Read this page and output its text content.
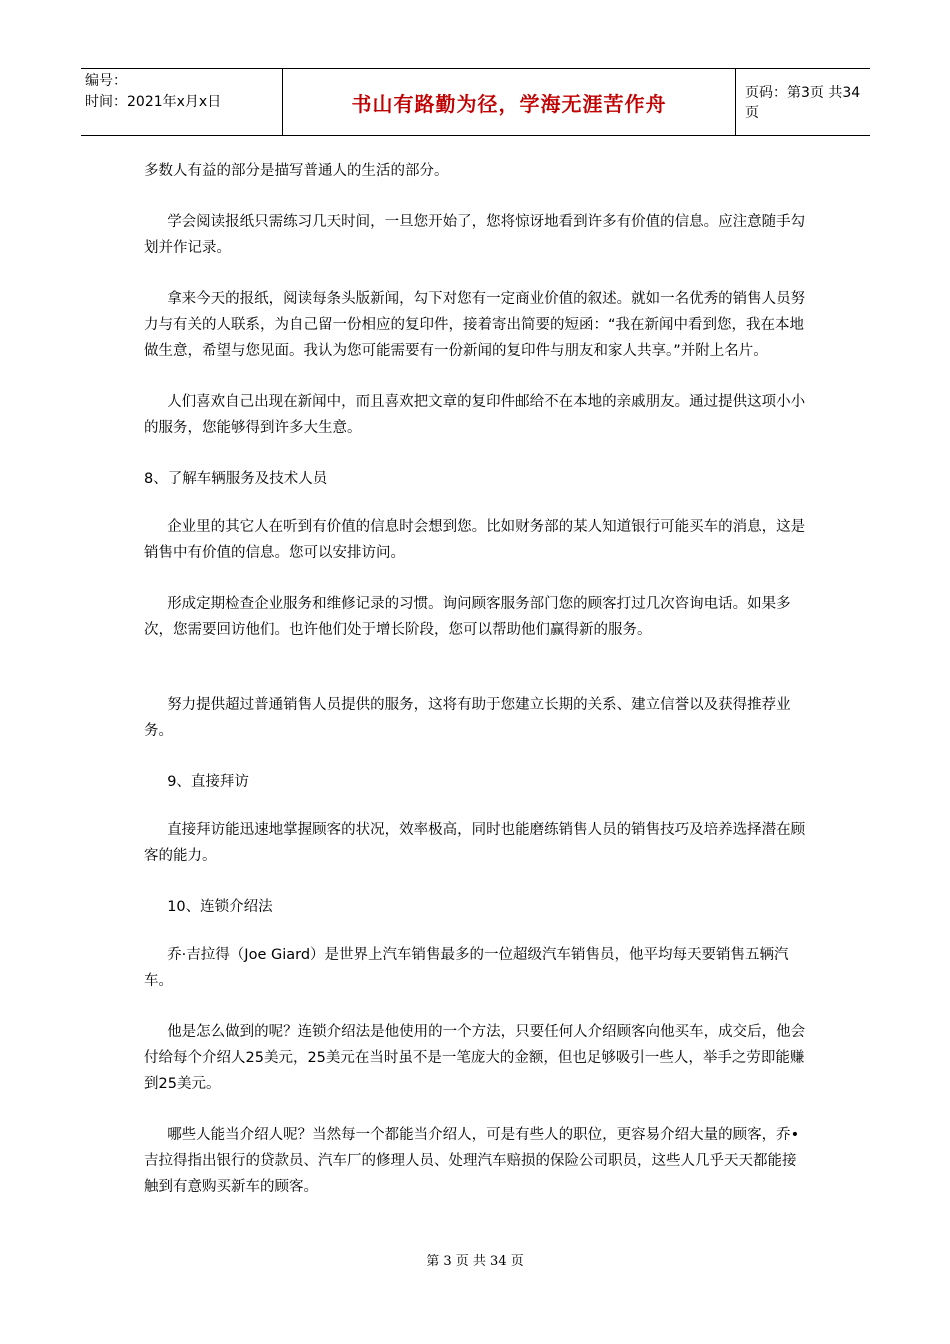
编号：
时间：2021年x月x日	书山有路勤为径，学海无涯苦作舟	页码：第3页 共34页

多数人有益的部分是描写普通人的生活的部分。

学会阅读报纸只需练习几天时间，一旦您开始了，您将惊讶地看到许多有价值的信息。应注意随手勾划并作记录。

拿来今天的报纸，阅读每条头版新闻，勾下对您有一定商业价值的叙述。就如一名优秀的销售人员努力与有关的人联系，为自己留一份相应的复印件，接着寄出简要的短函：“我在新闻中看到您，我在本地做生意，希望与您见面。我认为您可能需要有一份新闻的复印件与朋友和家人共享。”并附上名片。

人们喜欢自己出现在新闻中，而且喜欢把文章的复印件邮给不在本地的亲戚朋友。通过提供这项小小的服务，您能够得到许多大生意。

8、了解车辆服务及技术人员

企业里的其它人在听到有价值的信息时会想到您。比如财务部的某人知道银行可能买车的消息，这是销售中有价值的信息。您可以安排访问。

形成定期检查企业服务和维修记录的习惯。询问顾客服务部门您的顾客打过几次咨询电话。如果多次，您需要回访他们。也许他们处于增长阶段，您可以帮助他们赢得新的服务。

努力提供超过普通销售人员提供的服务，这将有助于您建立长期的关系、建立信誉以及获得推荐业务。

9、直接拜访

直接拜访能迅速地掌握顾客的状况，效率极高，同时也能磨练销售人员的销售技巧及培养选择潜在顾客的能力。

10、连锁介绍法

乔·吉拉得（Joe Giard）是世界上汽车销售最多的一位超级汽车销售员，他平均每天要销售五辆汽车。

他是怎么做到的呢？连锁介绍法是他使用的一个方法，只要任何人介绍顾客向他买车，成交后，他会付给每个介绍人25美元，25美元在当时虽不是一笔庞大的金额，但也足够吸引一些人，举手之劳即能赚到25美元。

哪些人能当介绍人呢？当然每一个都能当介绍人，可是有些人的职位，更容易介绍大量的顾客，乔•吉拉得指出银行的贷款员、汽车厂的修理人员、处理汽车赔损的保险公司职员，这些人几乎天天都能接触到有意购买新车的顾客。

第 3 页 共 34 页
